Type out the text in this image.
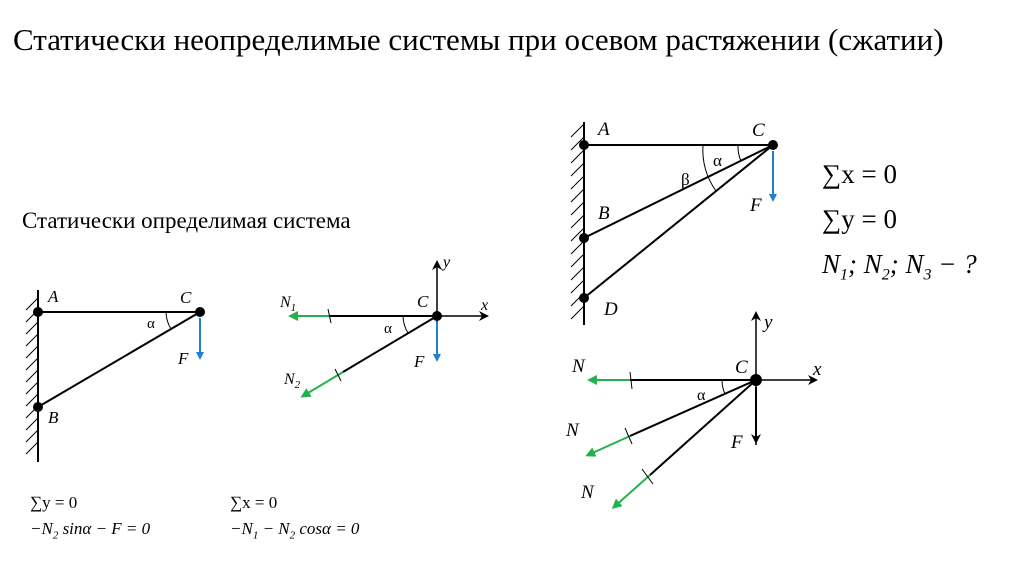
Статически неопределимые системы при осевом растяжении (сжатии)
Статически определимая система
A
B
C
α
F
y
x
C
α
F
$N_1$
$N_2$
A
B
D
C
α
β
F
y
x
C
α
F
N
N
N
∑y = 0
$-N_2$ sinα − F = 0
∑x = 0
$-N_1 - N_2$ cosα = 0
∑x = 0
∑y = 0
$N_1$; $N_2$; $N_3$ − ?
